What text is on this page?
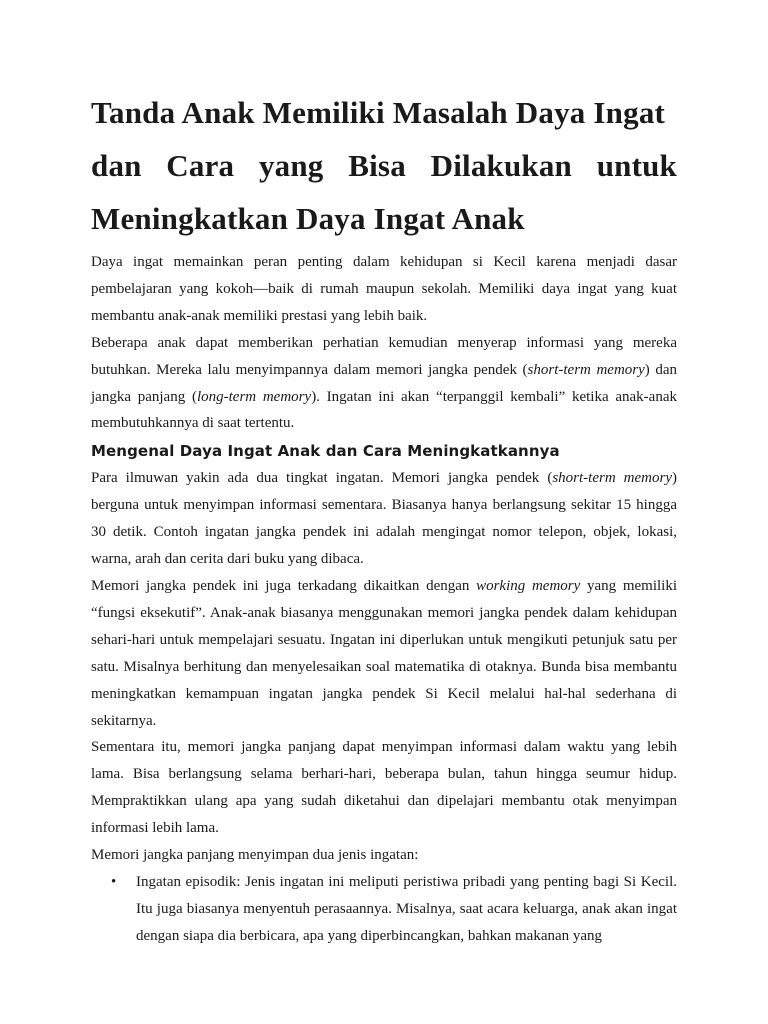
Tanda Anak Memiliki Masalah Daya Ingat
dan Cara yang Bisa Dilakukan untuk
Meningkatkan Daya Ingat Anak

Daya ingat memainkan peran penting dalam kehidupan si Kecil karena menjadi dasar pembelajaran yang kokoh—baik di rumah maupun sekolah. Memiliki daya ingat yang kuat membantu anak-anak memiliki prestasi yang lebih baik.

Beberapa anak dapat memberikan perhatian kemudian menyerap informasi yang mereka butuhkan. Mereka lalu menyimpannya dalam memori jangka pendek (short-term memory) dan jangka panjang (long-term memory). Ingatan ini akan “terpanggil kembali” ketika anak-anak membutuhkannya di saat tertentu.

Mengenal Daya Ingat Anak dan Cara Meningkatkannya

Para ilmuwan yakin ada dua tingkat ingatan. Memori jangka pendek (short-term memory) berguna untuk menyimpan informasi sementara. Biasanya hanya berlangsung sekitar 15 hingga 30 detik. Contoh ingatan jangka pendek ini adalah mengingat nomor telepon, objek, lokasi, warna, arah dan cerita dari buku yang dibaca.

Memori jangka pendek ini juga terkadang dikaitkan dengan working memory yang memiliki “fungsi eksekutif”. Anak-anak biasanya menggunakan memori jangka pendek dalam kehidupan sehari-hari untuk mempelajari sesuatu. Ingatan ini diperlukan untuk mengikuti petunjuk satu per satu. Misalnya berhitung dan menyelesaikan soal matematika di otaknya. Bunda bisa membantu meningkatkan kemampuan ingatan jangka pendek Si Kecil melalui hal-hal sederhana di sekitarnya.

Sementara itu, memori jangka panjang dapat menyimpan informasi dalam waktu yang lebih lama. Bisa berlangsung selama berhari-hari, beberapa bulan, tahun hingga seumur hidup. Mempraktikkan ulang apa yang sudah diketahui dan dipelajari membantu otak menyimpan informasi lebih lama.

Memori jangka panjang menyimpan dua jenis ingatan:

• Ingatan episodik: Jenis ingatan ini meliputi peristiwa pribadi yang penting bagi Si Kecil. Itu juga biasanya menyentuh perasaannya. Misalnya, saat acara keluarga, anak akan ingat dengan siapa dia berbicara, apa yang diperbincangkan, bahkan makanan yang
